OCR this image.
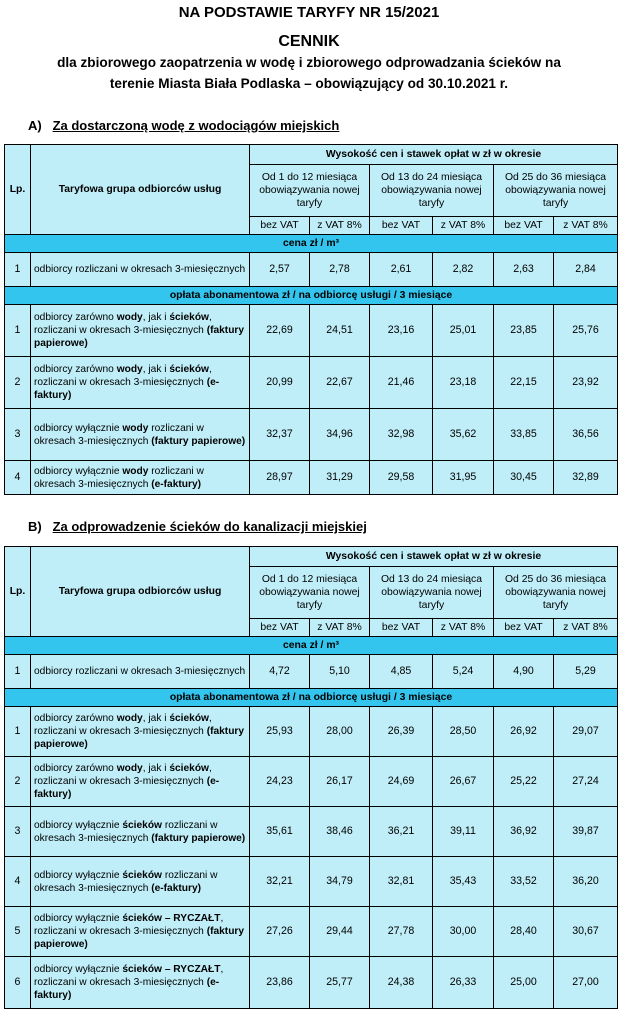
NA PODSTAWIE TARYFY NR 15/2021
CENNIK
dla zbiorowego zaopatrzenia w wodę i zbiorowego odprowadzania ścieków na
terenie Miasta Biała Podlaska – obowiązujący od 30.10.2021 r.
A) Za dostarczoną wodę z wodociągów miejskich
Lp.	Taryfowa grupa odbiorców usług	Wysokość cen i stawek opłat w zł w okresie					
		Od 1 do 12 miesiąca obowiązywania nowej taryfy		Od 13 do 24 miesiąca obowiązywania nowej taryfy		Od 25 do 36 miesiąca obowiązywania nowej taryfy	
		bez VAT	z VAT 8%	bez VAT	z VAT 8%	bez VAT	z VAT 8%
cena zł / m³							
1	odbiorcy rozliczani w okresach 3-miesięcznych	2,57	2,78	2,61	2,82	2,63	2,84
opłata abonamentowa zł / na odbiorcę usługi / 3 miesiące							
1	odbiorcy zarówno wody, jak i ścieków, rozliczani w okresach 3-miesięcznych (faktury papierowe)	22,69	24,51	23,16	25,01	23,85	25,76
2	odbiorcy zarówno wody, jak i ścieków, rozliczani w okresach 3-miesięcznych (e-faktury)	20,99	22,67	21,46	23,18	22,15	23,92
3	odbiorcy wyłącznie wody rozliczani w okresach 3-miesięcznych (faktury papierowe)	32,37	34,96	32,98	35,62	33,85	36,56
4	odbiorcy wyłącznie wody rozliczani w okresach 3-miesięcznych (e-faktury)	28,97	31,29	29,58	31,95	30,45	32,89
B) Za odprowadzenie ścieków do kanalizacji miejskiej
Lp.	Taryfowa grupa odbiorców usług	Wysokość cen i stawek opłat w zł w okresie					
		Od 1 do 12 miesiąca obowiązywania nowej taryfy		Od 13 do 24 miesiąca obowiązywania nowej taryfy		Od 25 do 36 miesiąca obowiązywania nowej taryfy	
		bez VAT	z VAT 8%	bez VAT	z VAT 8%	bez VAT	z VAT 8%
cena zł / m³							
1	odbiorcy rozliczani w okresach 3-miesięcznych	4,72	5,10	4,85	5,24	4,90	5,29
opłata abonamentowa zł / na odbiorcę usługi / 3 miesiące							
1	odbiorcy zarówno wody, jak i ścieków, rozliczani w okresach 3-miesięcznych (faktury papierowe)	25,93	28,00	26,39	28,50	26,92	29,07
2	odbiorcy zarówno wody, jak i ścieków, rozliczani w okresach 3-miesięcznych (e-faktury)	24,23	26,17	24,69	26,67	25,22	27,24
3	odbiorcy wyłącznie ścieków rozliczani w okresach 3-miesięcznych (faktury papierowe)	35,61	38,46	36,21	39,11	36,92	39,87
4	odbiorcy wyłącznie ścieków rozliczani w okresach 3-miesięcznych (e-faktury)	32,21	34,79	32,81	35,43	33,52	36,20
5	odbiorcy wyłącznie ścieków – RYCZAŁT, rozliczani w okresach 3-miesięcznych (faktury papierowe)	27,26	29,44	27,78	30,00	28,40	30,67
6	odbiorcy wyłącznie ścieków – RYCZAŁT, rozliczani w okresach 3-miesięcznych (e-faktury)	23,86	25,77	24,38	26,33	25,00	27,00
